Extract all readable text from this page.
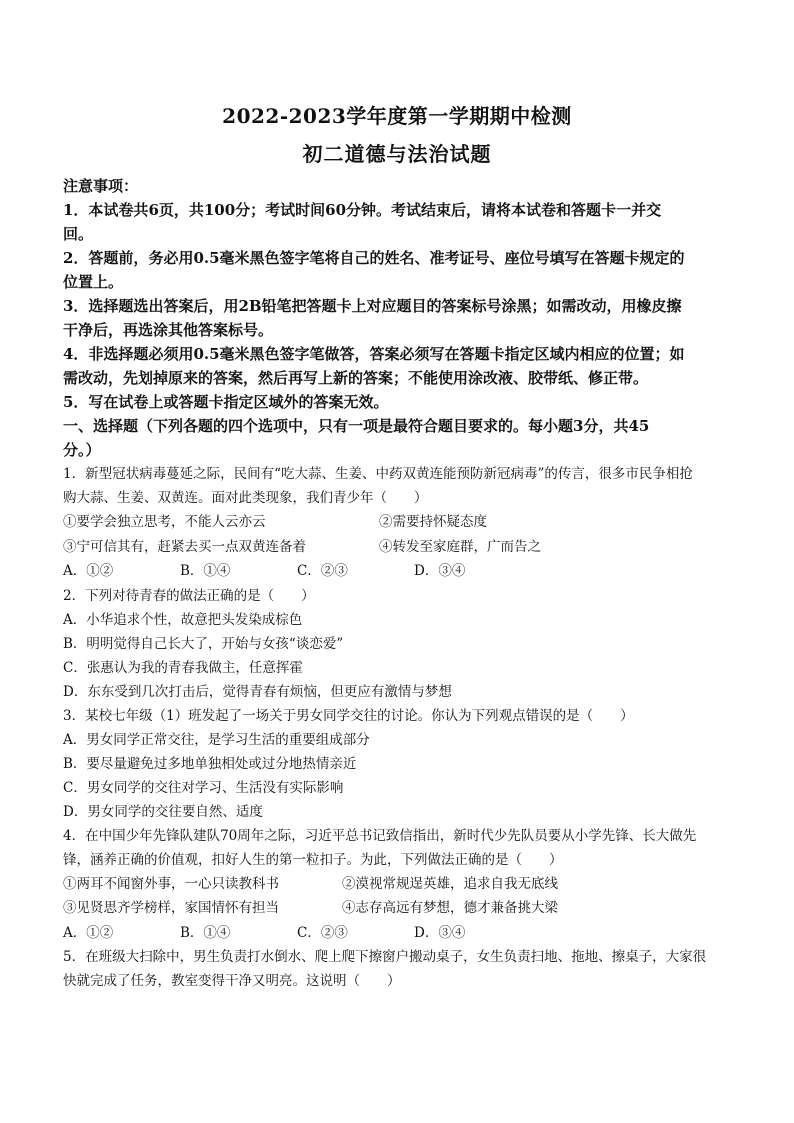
2022-2023学年度第一学期期中检测
初二道德与法治试题
注意事项：
1．本试卷共6页，共100分；考试时间60分钟。考试结束后，请将本试卷和答题卡一并交
回。
2．答题前，务必用0.5毫米黑色签字笔将自己的姓名、准考证号、座位号填写在答题卡规定的
位置上。
3．选择题选出答案后，用2B铅笔把答题卡上对应题目的答案标号涂黑；如需改动，用橡皮擦
干净后，再选涂其他答案标号。
4．非选择题必须用0.5毫米黑色签字笔做答，答案必须写在答题卡指定区域内相应的位置；如
需改动，先划掉原来的答案，然后再写上新的答案；不能使用涂改液、胶带纸、修正带。
5．写在试卷上或答题卡指定区域外的答案无效。
一、选择题（下列各题的四个选项中，只有一项是最符合题目要求的。每小题3分，共45
分。）
1．新型冠状病毒蔓延之际，民间有“吃大蒜、生姜、中药双黄连能预防新冠病毒”的传言，很多市民争相抢
购大蒜、生姜、双黄连。面对此类现象，我们青少年（　　）
①要学会独立思考，不能人云亦云	②需要持怀疑态度
③宁可信其有，赶紧去买一点双黄连备着	④转发至家庭群，广而告之
A．①②	B．①④	C．②③	D．③④
2．下列对待青春的做法正确的是（　　）
A．小华追求个性，故意把头发染成棕色
B．明明觉得自己长大了，开始与女孩“谈恋爱”
C．张惠认为我的青春我做主，任意挥霍
D．东东受到几次打击后，觉得青春有烦恼，但更应有激情与梦想
3．某校七年级（1）班发起了一场关于男女同学交往的讨论。你认为下列观点错误的是（　　）
A．男女同学正常交往，是学习生活的重要组成部分
B．要尽量避免过多地单独相处或过分地热情亲近
C．男女同学的交往对学习、生活没有实际影响
D．男女同学的交往要自然、适度
4．在中国少年先锋队建队70周年之际，习近平总书记致信指出，新时代少先队员要从小学先锋、长大做先
锋，涵养正确的价值观，扣好人生的第一粒扣子。为此，下列做法正确的是（　　）
①两耳不闻窗外事，一心只读教科书	②漠视常规逞英雄，追求自我无底线
③见贤思齐学榜样，家国情怀有担当	④志存高远有梦想，德才兼备挑大梁
A．①②	B．①④	C．②③	D．③④
5．在班级大扫除中，男生负责打水倒水、爬上爬下擦窗户搬动桌子，女生负责扫地、拖地、擦桌子，大家很
快就完成了任务，教室变得干净又明亮。这说明（　　）
